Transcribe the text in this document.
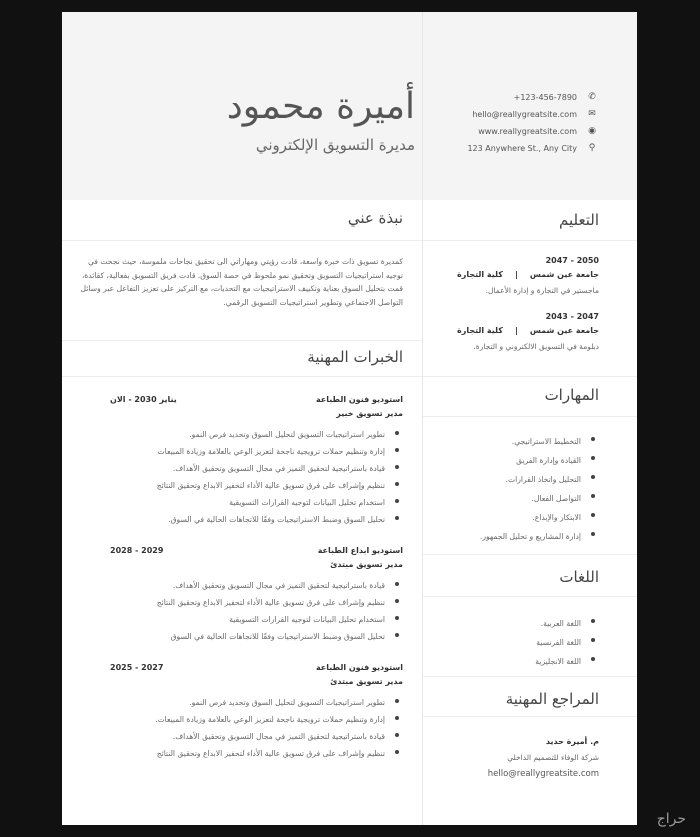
أميرة محمود
مديرة التسويق الإلكتروني
+123-456-7890 ✆
hello@reallygreatsite.com ✉
www.reallygreatsite.com ◉
123 Anywhere St., Any City ⚲
نبذة عني
كمديرة تسويق ذات خبرة واسعة، قادت رؤيتي ومهاراتي الى تحقيق نجاحات ملموسة، حيث نجحت في توجيه استراتيجيات التسويق وتحقيق نمو ملحوظ في حصة السوق. قادت فريق التسويق بفعالية، كقائدة، قمت بتحليل السوق بعناية وتكييف الاستراتيجيات مع التحديات، مع التركيز على تعزيز التفاعل عبر وسائل التواصل الاجتماعي وتطوير استراتيجيات التسويق الرقمي.
الخبرات المهنية
استوديو فنون الطباعة
يناير 2030 - الان
مدير تسويق خبير
تطوير استراتيجيات التسويق لتحليل السوق وتحديد فرص النمو.
إدارة وتنظيم حملات ترويجية ناجحة لتعزيز الوعي بالعلامة وزيادة المبيعات
قيادة باستراتيجية لتحقيق التميز في مجال التسويق وتحقيق الأهداف.
تنظيم وإشراف على فرق تسويق عالية الأداء لتحفيز الابداع وتحقيق النتائج
استخدام تحليل البيانات لتوجيه القرارات التسويقية
تحليل السوق وضبط الاستراتيجيات وفقًا للاتجاهات الحالية في السوق.
استوديو ابداع الطباعة
2029 - 2028
مدير تسويق مبتدئ
قيادة باستراتيجية لتحقيق التميز في مجال التسويق وتحقيق الأهداف.
تنظيم وإشراف على فرق تسويق عالية الأداء لتحفيز الابداع وتحقيق النتائج
استخدام تحليل البيانات لتوجيه القرارات التسويقية
تحليل السوق وضبط الاستراتيجيات وفقًا للاتجاهات الحالية في السوق
استوديو فنون الطباعة
2027 - 2025
مدير تسويق مبتدئ
تطوير استراتيجيات التسويق لتحليل السوق وتحديد فرص النمو.
إدارة وتنظيم حملات ترويجية ناجحة لتعزيز الوعي بالعلامة وزيادة المبيعات.
قيادة باستراتيجية لتحقيق التميز في مجال التسويق وتحقيق الأهداف.
تنظيم وإشراف على فرق تسويق عالية الأداء لتحفيز الابداع وتحقيق النتائج
التعليم
المهارات
التخطيط الاستراتيجي.
القيادة وإدارة الفريق
التحليل واتخاذ القرارات.
التواصل الفعال.
الابتكار والإبداع.
إدارة المشاريع و تحليل الجمهور.
اللغات
اللغة العربية.
اللغة الفرنسية
اللغة الانجليزية
المراجع المهنية
م. أميرة حديد
شركة الوفاء للتصميم الداخلي
hello@reallygreatsite.com
2047 - 2050
جامعة عين شمس|كلية التجارة
ماجستير في التجارة و إدارة الأعمال.
2043 - 2047
جامعة عين شمس|كلية التجارة
دبلومة في التسويق الالكتروني و التجارة.
حراج
